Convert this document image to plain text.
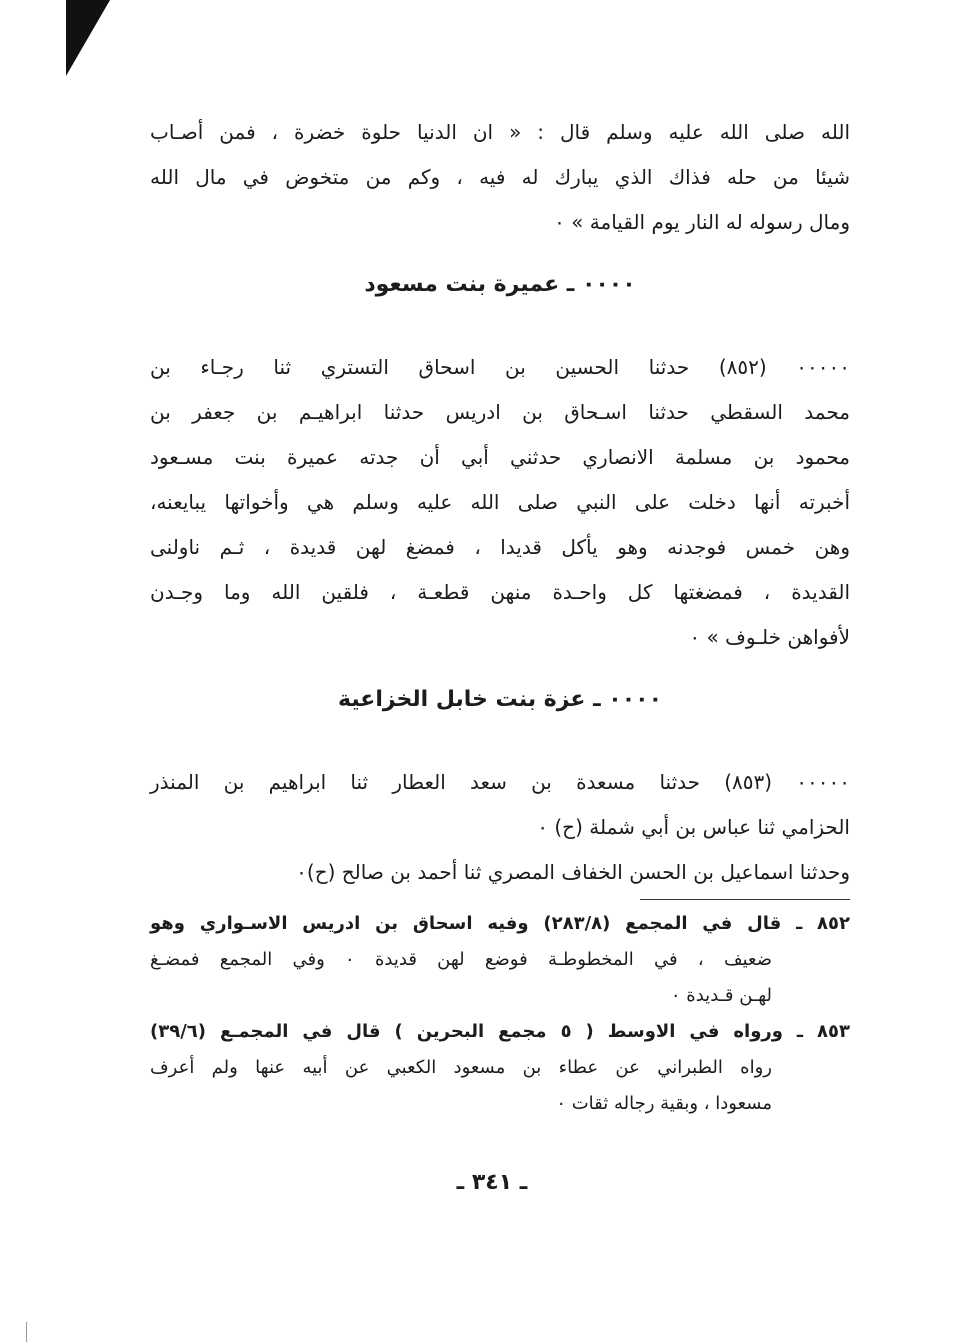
الله صلى الله عليه وسلم قال : « ان الدنيا حلوة خضرة ، فمن أصـاب

شيئا من حله فذاك الذي يبارك له فيه ، وكم من متخوض في مال الله

ومال رسوله له النار يوم القيامة » ٠

٠٠٠٠ ـ عميرة بنت مسعود

٠٠٠٠٠ (٨٥٢) حدثنا الحسين بن اسحاق التستري ثنا رجـاء بن

محمد السقطي حدثنا اسـحاق بن ادريس حدثنا ابراهيـم بن جعفر بن

محمود بن مسلمة الانصاري حدثني أبي أن جدته عميرة بنت مسـعود

أخبرته أنها دخلت على النبي صلى الله عليه وسلم هي وأخواتها يبايعنه،

وهن خمس فوجدنه وهو يأكل قديدا ، فمضغ لهن قديدة ، ثـم ناولنى

القديدة ، فمضغتها كل واحـدة منهن قطعـة ، فلقين الله وما وجـدن

لأفواهن خلـوف » ٠

٠٠٠٠ ـ عزة بنت خابل الخزاعية

٠٠٠٠٠ (٨٥٣) حدثنا مسعدة بن سعد العطار ثنا ابراهيم بن المنذر

الحزامي ثنا عباس بن أبي شملة (ح) ٠

وحدثنا اسماعيل بن الحسن الخفاف المصري ثنا أحمد بن صالح (ح)٠

٨٥٢ ـ قال في المجمع (٢٨٣/٨) وفيه اسحاق بن ادريس الاسـواري وهو

ضعيف ، في المخطوطـة فوضع لهن قديدة ٠ وفي المجمع فمضـغ

لهـن قـديدة ٠

٨٥٣ ـ ورواه في الاوسط ( ٥ مجمع البحرين ) قال في المجمـع (٣٩/٦)

رواه الطبراني عن عطاء بن مسعود الكعبي عن أبيه عنها ولم أعرف

مسعودا ، وبقية رجاله ثقات ٠

ـ ٣٤١ ـ
